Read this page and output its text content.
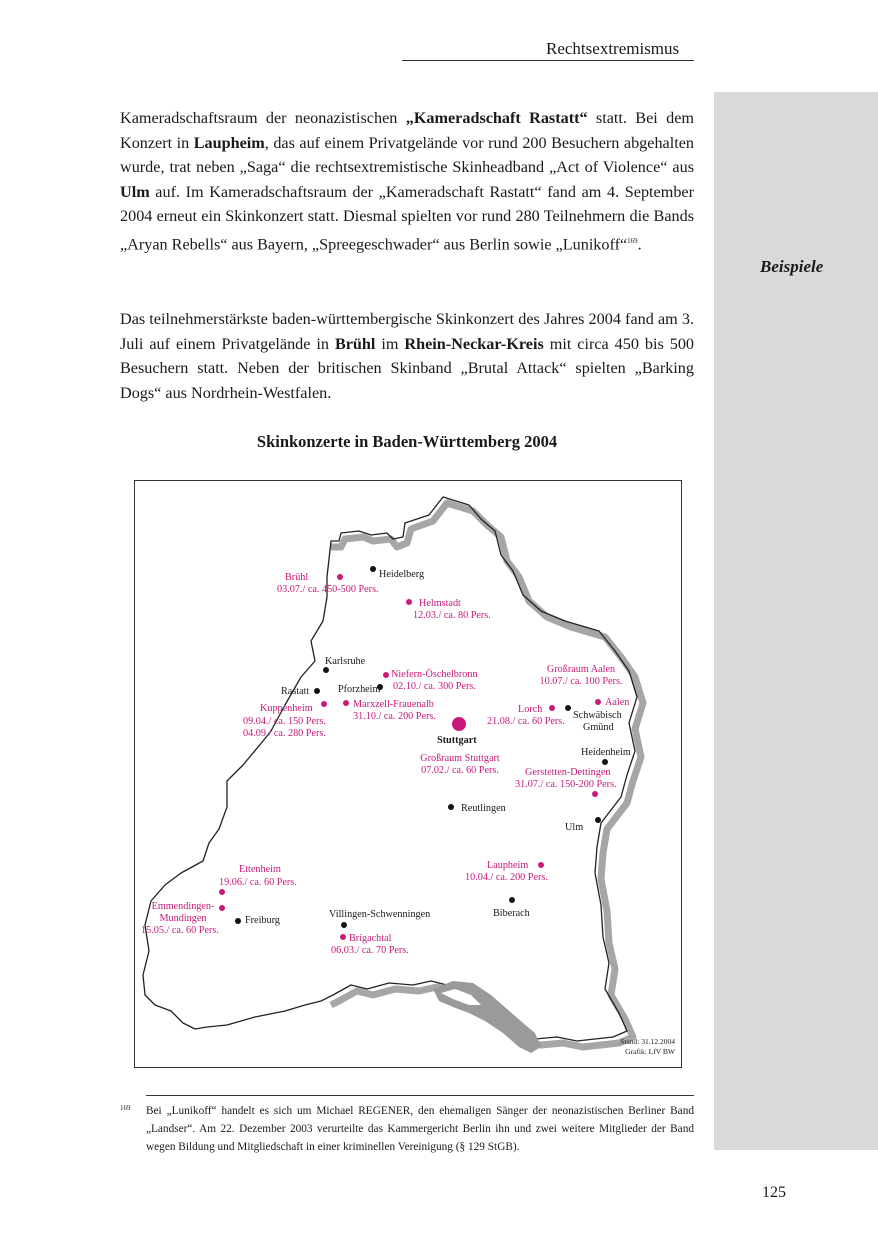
Beispiele
Rechtsextremismus
Kameradschaftsraum der neonazistischen „Kameradschaft Rastatt“ statt. Bei dem Konzert in Laupheim, das auf einem Privatgelände vor rund 200 Besuchern abgehalten wurde, trat neben „Saga“ die rechtsextremistische Skinheadband „Act of Violence“ aus Ulm auf. Im Kameradschaftsraum der „Kameradschaft Rastatt“ fand am 4. September 2004 erneut ein Skinkonzert statt. Diesmal spielten vor rund 280 Teilnehmern die Bands „Aryan Rebells“ aus Bayern, „Spreegeschwader“ aus Berlin sowie „Lunikoff“$^{169}$.
Das teilnehmerstärkste baden-württembergische Skinkonzert des Jahres 2004 fand am 3. Juli auf einem Privatgelände in Brühl im Rhein-Neckar-Kreis mit circa 450 bis 500 Besuchern statt. Neben der britischen Skinband „Brutal Attack“ spielten „Barking Dogs“ aus Nordrhein-Westfalen.
Skinkonzerte in Baden-Württemberg 2004
Brühl
03.07./ ca. 450-500 Pers.
Heidelberg
Helmstadt
12.03./ ca. 80 Pers.
Karlsruhe
Niefern-Öschelbronn
02.10./ ca. 300 Pers.
Rastatt	Pforzheim
Kuppenheim
09.04./ ca. 150 Pers.
04.09./ ca. 280 Pers.
Marxzell-Frauenalb
31.10./ ca. 200 Pers.
Stuttgart
Großraum Stuttgart
07.02./ ca. 60 Pers.
Großraum Aalen
10.07./ ca. 100 Pers.
Aalen
Lorch
21.08./ ca. 60 Pers.
Schwäbisch
Gmünd
Heidenheim
Gerstetten-Dettingen
31.07./ ca. 150-200 Pers.
Reutlingen
Ulm
Laupheim
10.04./ ca. 200 Pers.
Biberach
Ettenheim
19.06./ ca. 60 Pers.
Emmendingen-
Mundingen
15.05./ ca. 60 Pers.
Freiburg
Villingen-Schwenningen
Brigachtal
06.03./ ca. 70 Pers.
Stand: 31.12.2004
Grafik: LfV BW
169 Bei „Lunikoff“ handelt es sich um Michael REGENER, den ehemaligen Sänger der neonazistischen Berliner Band „Landser“. Am 22. Dezember 2003 verurteilte das Kammergericht Berlin ihn und zwei weitere Mitglieder der Band wegen Bildung und Mitgliedschaft in einer kriminellen Vereinigung (§ 129 StGB).
125
